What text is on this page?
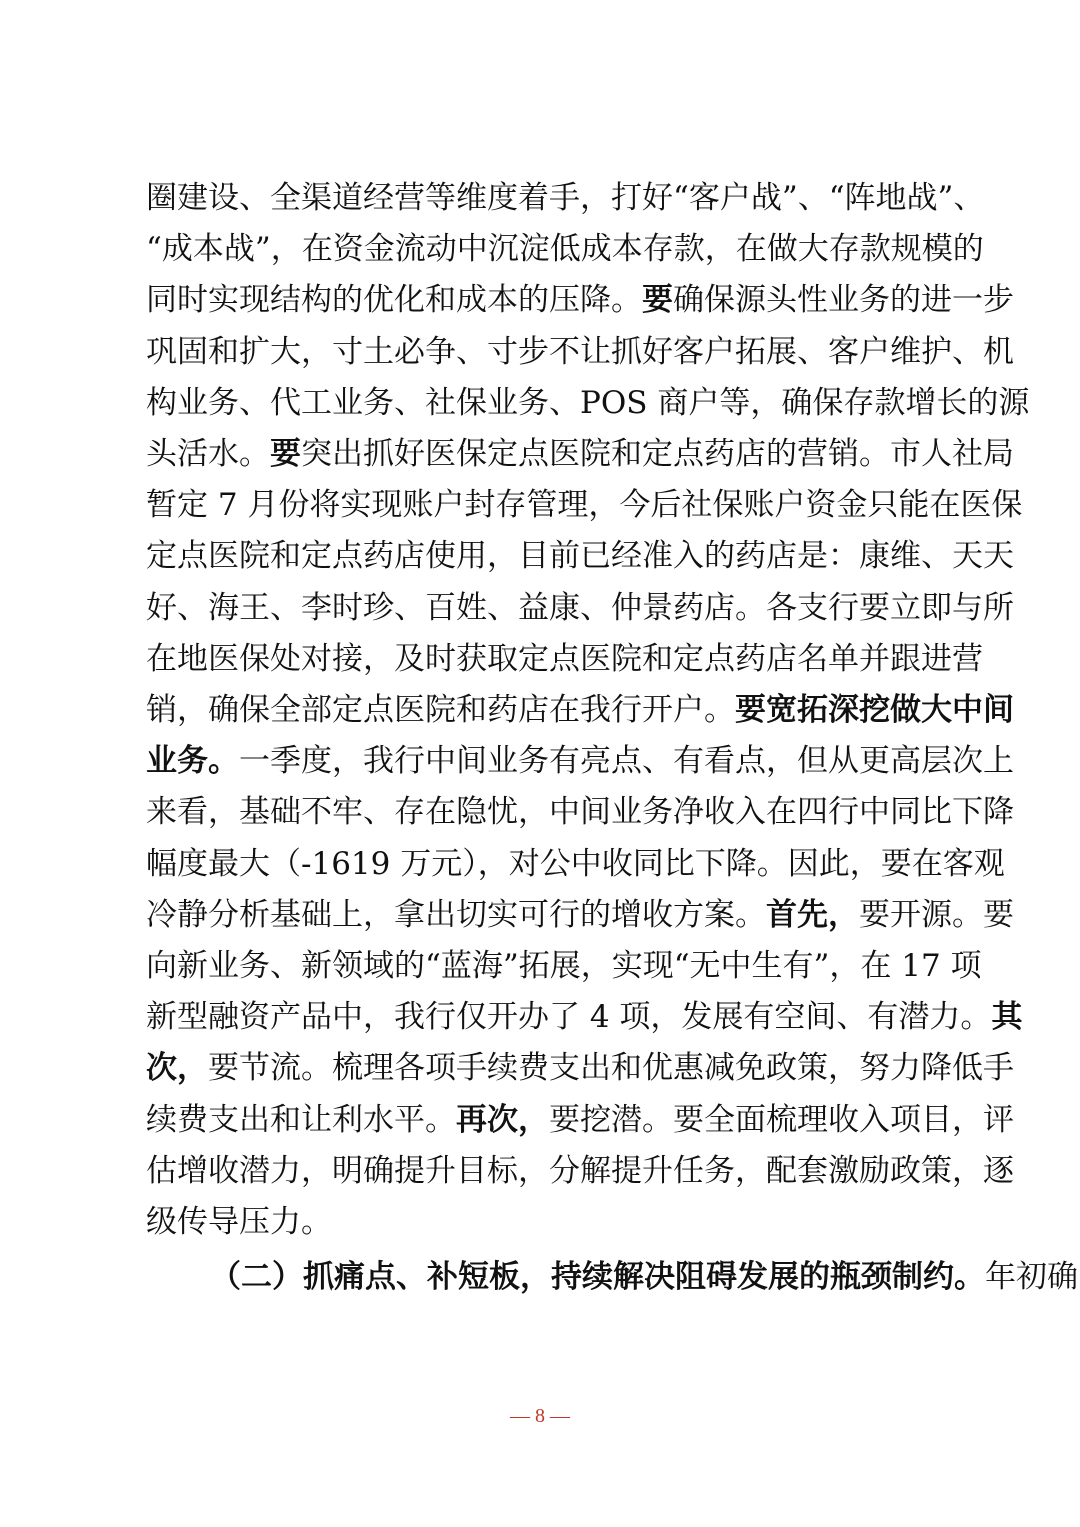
圈建设、全渠道经营等维度着手，打好“客户战”、“阵地战”、
“成本战”，在资金流动中沉淀低成本存款，在做大存款规模的
同时实现结构的优化和成本的压降。要确保源头性业务的进一步
巩固和扩大，寸土必争、寸步不让抓好客户拓展、客户维护、机
构业务、代工业务、社保业务、POS 商户等，确保存款增长的源
头活水。要突出抓好医保定点医院和定点药店的营销。市人社局
暂定 7 月份将实现账户封存管理，今后社保账户资金只能在医保
定点医院和定点药店使用，目前已经准入的药店是：康维、天天
好、海王、李时珍、百姓、益康、仲景药店。各支行要立即与所
在地医保处对接，及时获取定点医院和定点药店名单并跟进营
销，确保全部定点医院和药店在我行开户。要宽拓深挖做大中间
业务。一季度，我行中间业务有亮点、有看点，但从更高层次上
来看，基础不牢、存在隐忧，中间业务净收入在四行中同比下降
幅度最大（-1619 万元），对公中收同比下降。因此，要在客观
冷静分析基础上，拿出切实可行的增收方案。首先，要开源。要
向新业务、新领域的“蓝海”拓展，实现“无中生有”，在 17 项
新型融资产品中，我行仅开办了 4 项，发展有空间、有潜力。其
次，要节流。梳理各项手续费支出和优惠减免政策，努力降低手
续费支出和让利水平。再次，要挖潜。要全面梳理收入项目，评
估增收潜力，明确提升目标，分解提升任务，配套激励政策，逐
级传导压力。
（二）抓痛点、补短板，持续解决阻碍发展的瓶颈制约。年初确
— 8 —
